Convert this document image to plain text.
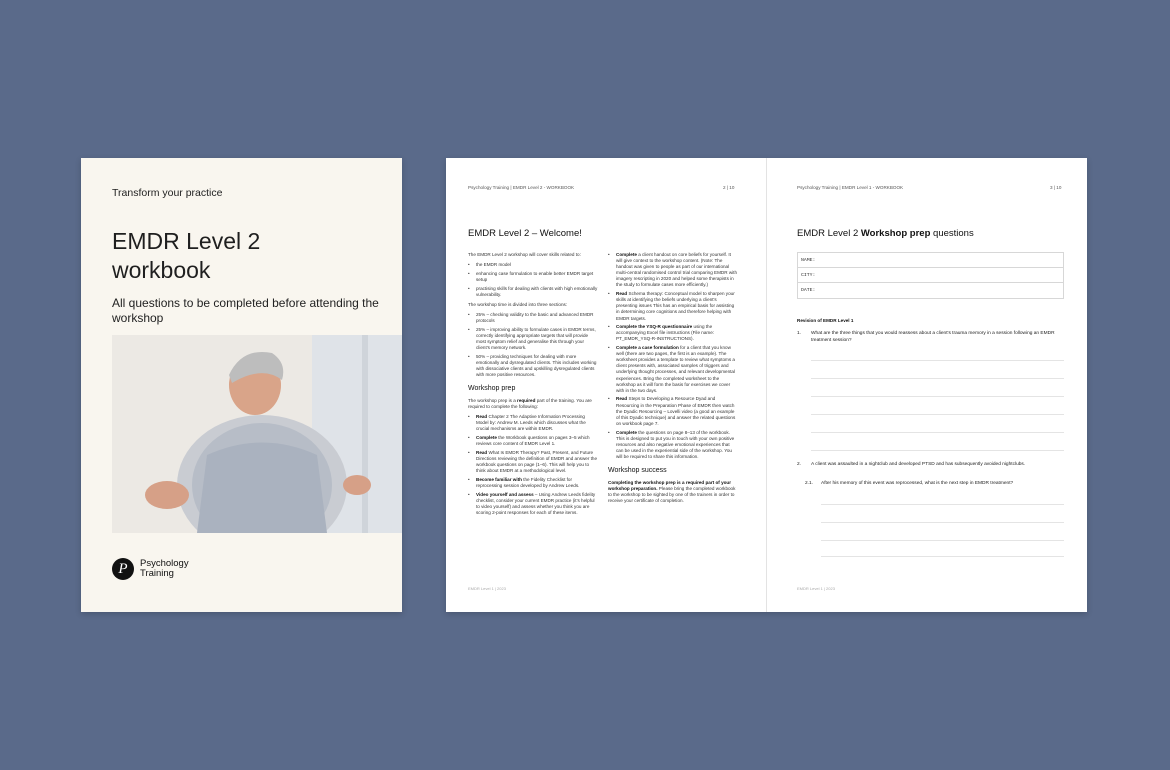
Transform your practice
EMDR Level 2
workbook
All questions to be completed before attending the workshop
P	Psychology
Training
Psychology Training | EMDR Level 2 - WORKBOOK	2 | 10
EMDR Level 2 – Welcome!

The EMDR Level 2 workshop will cover skills related to:

• the EMDR model
• enhancing case formulation to enable better EMDR target setup
• practising skills for dealing with clients with high emotionally vulnerability.

The workshop time is divided into three sections:

• 25% – checking validity to the basic and advanced EMDR protocols
• 25% – improving ability to formulate cases in EMDR terms, correctly identifying appropriate targets that will provide most symptom relief and generalise this through your client's memory network.
• 50% – providing techniques for dealing with more emotionally and dysregulated clients. This includes working with dissociative clients and upskilling dysregulated clients with more positive resources.
Workshop prep

The workshop prep is a required part of the training. You are required to complete the following:

• Read Chapter 2 The Adaptive Information Processing Model by: Andrew M. Leeds which discusses what the crucial mechanisms are within EMDR.
• Complete the Workbook questions on pages 3–5 which reviews core content of EMDR Level 1.
• Read What Is EMDR Therapy? Past, Present, and Future Directions reviewing the definition of EMDR and answer the workbook questions on page (1–6). This will help you to think about EMDR at a methodological level.
• Become familiar with the Fidelity Checklist for reprocessing session developed by Andrew Leeds.
• Video yourself and assess – Using Andrew Leeds fidelity checklist, consider your current EMDR practice (it's helpful to video yourself) and assess whether you think you are scoring 2-point responses for each of these items.
• Complete a client handout on core beliefs for yourself. It will give context to the workshop content. (Note: The handout was given to people as part of our international multi-central randomised control trial comparing EMDR with imagery rescripting in 2020 and helped some therapists in the study to formulate cases more efficiently.)
• Read Schema therapy: Conceptual model to sharpen your skills at identifying the beliefs underlying a client's presenting issues This has an empirical basis for assisting in determining core cognitions and therefore helping with EMDR targets.
• Complete the YSQ-R questionnaire using the accompanying Excel file instructions (File name: PT_EMDR_YSQ-R-INSTRUCTIONS).
• Complete a case formulation for a client that you know well (there are two pages, the first is an example). The worksheet provides a template to review what symptoms a client presents with, associated samples of triggers and underlying thought processes, and relevant developmental experiences. Bring the completed worksheet to the workshop as it will form the basis for exercises we cover with in the two days.
• Read Steps to Developing a Resource Dyad and Resourcing in the Preparation Phase of EMDR then watch the Dyadic Resourcing – Lovelli video (a good an example of this Dyadic technique) and answer the related questions on workbook page 7.
• Complete the questions on page 8–13 of the workbook. This is designed to put you in touch with your own positive resources and also negative emotional experiences that can be used in the experiential side of the workshop. You will be required to share this information.
Workshop success

Completing the workshop prep is a required part of your workshop preparation. Please bring the completed workbook to the workshop to be sighted by one of the trainers in order to receive your certificate of completion.

EMDR Level 1 | 2023
Psychology Training | EMDR Level 1 - WORKBOOK	3 | 10
EMDR Level 2 Workshop prep questions
NAME:
CITY:
DATE:
Revision of EMDR Level 1
1. What are the three things that you would reassess about a client's trauma memory in a session following an EMDR treatment session?
2. A client was assaulted in a nightclub and developed PTSD and has subsequently avoided nightclubs.
2.1. After his memory of this event was reprocessed, what is the next step in EMDR treatment?
EMDR Level 1 | 2023
